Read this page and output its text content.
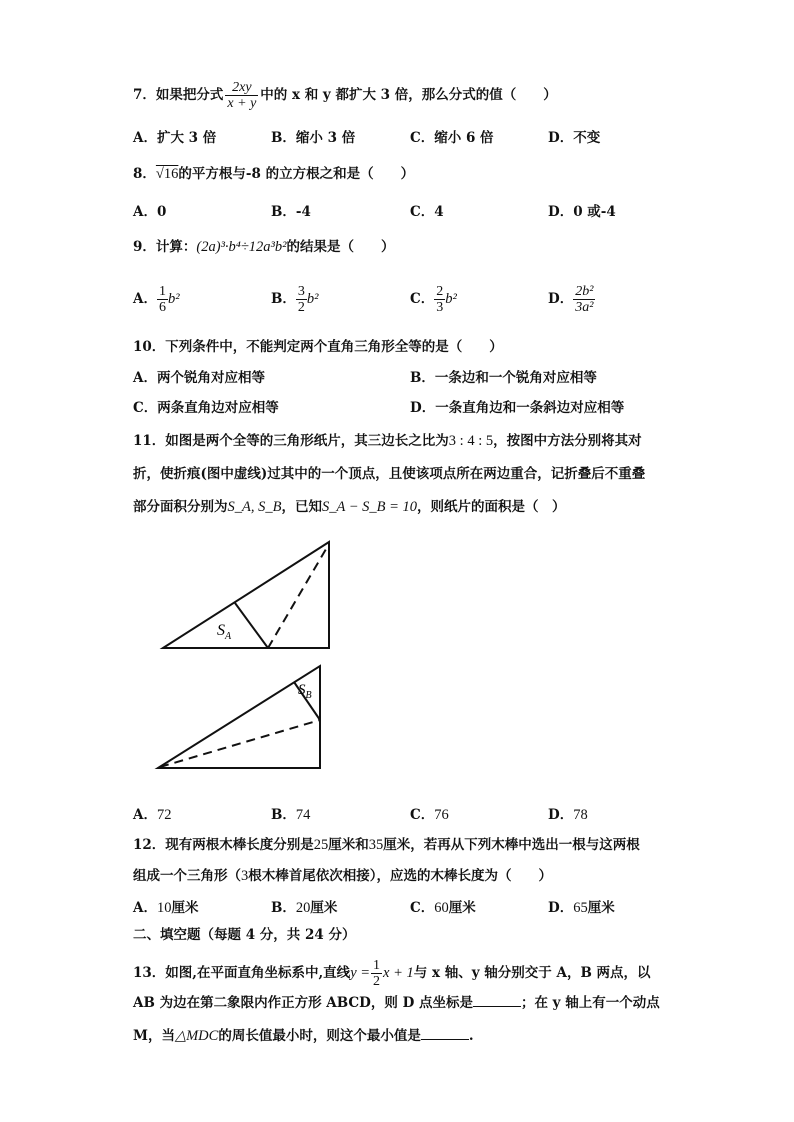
7．如果把分式 $\frac{2xy}{x + y}$ 中的 x 和 y 都扩大 3 倍，那么分式的值（　　）
A．扩大 3 倍	B．缩小 3 倍	C．缩小 6 倍	D．不变
8．√16的平方根与-8 的立方根之和是（　　）
A．0	B．-4	C．4	D．0 或-4
9．计算：(2a)³·b⁴÷12a³b²的结果是（　　）
A． $\frac{1}{6} b^2$	B． $\frac{3}{2} b^2$	C． $\frac{2}{3} b^2$	D． $\frac{\text{2b²}}{\text{3a²}}$
10．下列条件中，不能判定两个直角三角形全等的是（　　）
A．两个锐角对应相等	B．一条边和一个锐角对应相等
C．两条直角边对应相等	D．一条直角边和一条斜边对应相等
11．如图是两个全等的三角形纸片，其三边长之比为3 : 4 : 5，按图中方法分别将其对
折，使折痕(图中虚线)过其中的一个顶点，且使该项点所在两边重合，记折叠后不重叠
部分面积分别为S_A, S_B，已知S_A − S_B = 10，则纸片的面积是（　）
$S_A$
$S_B$
A．72	B．74	C．76	D．78
12．现有两根木棒长度分别是25厘米和35厘米，若再从下列木棒中选出一根与这两根
组成一个三角形（3根木棒首尾依次相接），应选的木棒长度为（　　）
A．10厘米	B．20厘米	C．60厘米	D．65厘米
二、填空题（每题 4 分，共 24 分）
13．如图,在平面直角坐标系中,直线$y = \frac{1}{2}$ x + 1与 x 轴、y 轴分别交于 A，B 两点，以
AB 为边在第二象限内作正方形 ABCD，则 D 点坐标是	；在 y 轴上有一个动点
M，当△MDC的周长值最小时，则这个最小值是	.
